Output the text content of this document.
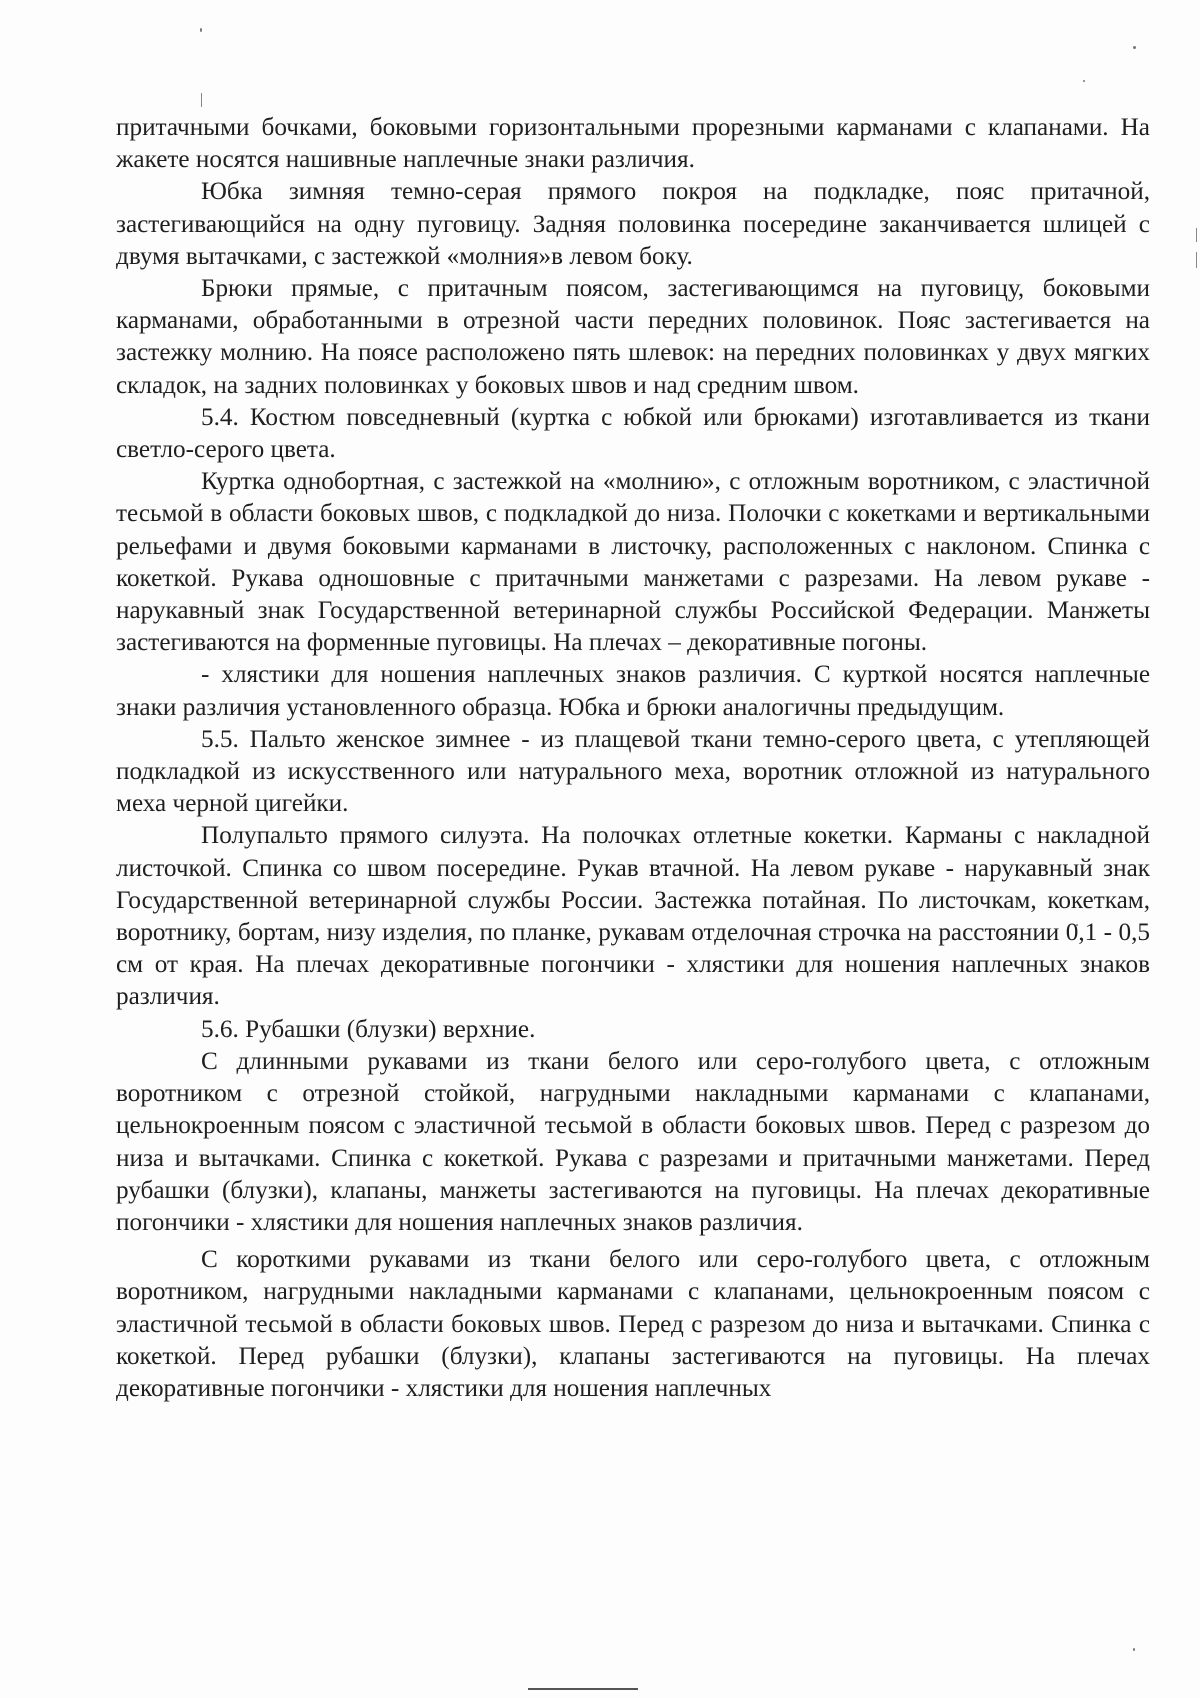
притачными бочками, боковыми горизонтальными прорезными карманами с клапанами. На жакете носятся нашивные наплечные знаки различия.

Юбка зимняя темно-серая прямого покроя на подкладке, пояс притачной, застегивающийся на одну пуговицу. Задняя половинка посередине заканчивается шлицей с двумя вытачками, с застежкой «молния»в левом боку.

Брюки прямые, с притачным поясом, застегивающимся на пуговицу, боковыми карманами, обработанными в отрезной части передних половинок. Пояс застегивается на застежку молнию. На поясе расположено пять шлевок: на передних половинках у двух мягких складок, на задних половинках у боковых швов и над средним швом.

5.4. Костюм повседневный (куртка с юбкой или брюками) изготавливается из ткани светло-серого цвета.

Куртка однобортная, с застежкой на «молнию», с отложным воротником, с эластичной тесьмой в области боковых швов, с подкладкой до низа. Полочки с кокетками и вертикальными рельефами и двумя боковыми карманами в листочку, расположенных с наклоном. Спинка с кокеткой. Рукава одношовные с притачными манжетами с разрезами. На левом рукаве - нарукавный знак Государственной ветеринарной службы Российской Федерации. Манжеты застегиваются на форменные пуговицы. На плечах – декоративные погоны.

- хлястики для ношения наплечных знаков различия. С курткой носятся наплечные знаки различия установленного образца. Юбка и брюки аналогичны предыдущим.

5.5. Пальто женское зимнее - из плащевой ткани темно-серого цвета, с утепляющей подкладкой из искусственного или натурального меха, воротник отложной из натурального меха черной цигейки.

Полупальто прямого силуэта. На полочках отлетные кокетки. Карманы с накладной листочкой. Спинка со швом посередине. Рукав втачной. На левом рукаве - нарукавный знак Государственной ветеринарной службы России. Застежка потайная. По листочкам, кокеткам, воротнику, бортам, низу изделия, по планке, рукавам отделочная строчка на расстоянии 0,1 - 0,5 см от края. На плечах декоративные погончики - хлястики для ношения наплечных знаков различия.

5.6. Рубашки (блузки) верхние.

С длинными рукавами из ткани белого или серо-голубого цвета, с отложным воротником с отрезной стойкой, нагрудными накладными карманами с клапанами, цельнокроенным поясом с эластичной тесьмой в области боковых швов. Перед с разрезом до низа и вытачками. Спинка с кокеткой. Рукава с разрезами и притачными манжетами. Перед рубашки (блузки), клапаны, манжеты застегиваются на пуговицы. На плечах декоративные погончики - хлястики для ношения наплечных знаков различия.

С короткими рукавами из ткани белого или серо-голубого цвета, с отложным воротником, нагрудными накладными карманами с клапанами, цельнокроенным поясом с эластичной тесьмой в области боковых швов. Перед с разрезом до низа и вытачками. Спинка с кокеткой. Перед рубашки (блузки), клапаны застегиваются на пуговицы. На плечах декоративные погончики - хлястики для ношения наплечных
